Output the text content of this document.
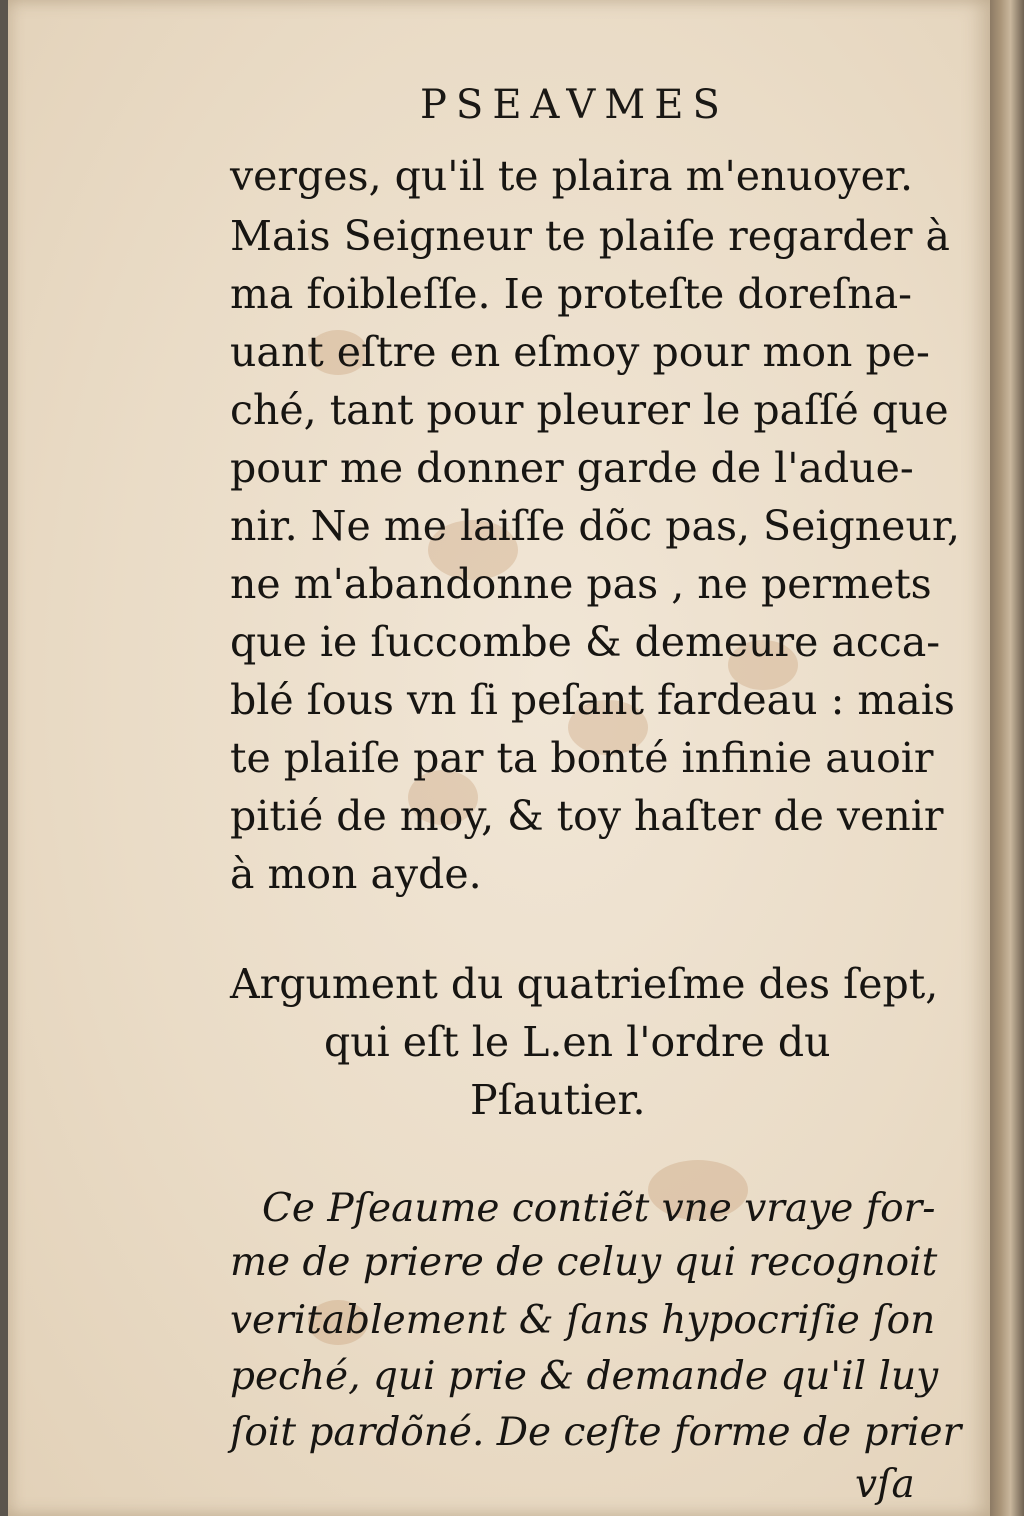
PSEAVMES
verges, qu'il te plaira m'enuoyer.
Mais Seigneur te plaiſe regarder à
ma foibleſſe. Ie proteſte doreſna-
uant eſtre en eſmoy pour mon pe-
ché, tant pour pleurer le paſſé que
pour me donner garde de l'adue-
nir. Ne me laiſſe dõc pas, Seigneur,
ne m'abandonne pas , ne permets
que ie ſuccombe & demeure acca-
blé ſous vn ſi peſant fardeau : mais
te plaiſe par ta bonté infinie auoir
pitié de moy, & toy haſter de venir
à mon ayde.
Argument du quatrieſme des ſept,
qui eſt le L.en l'ordre du
Pſautier.
Ce Pſeaume contiẽt vne vraye for-
me de priere de celuy qui recognoit
veritablement & ſans hypocriſie ſon
peché, qui prie & demande qu'il luy
ſoit pardõné. De ceſte forme de prier
vſa
